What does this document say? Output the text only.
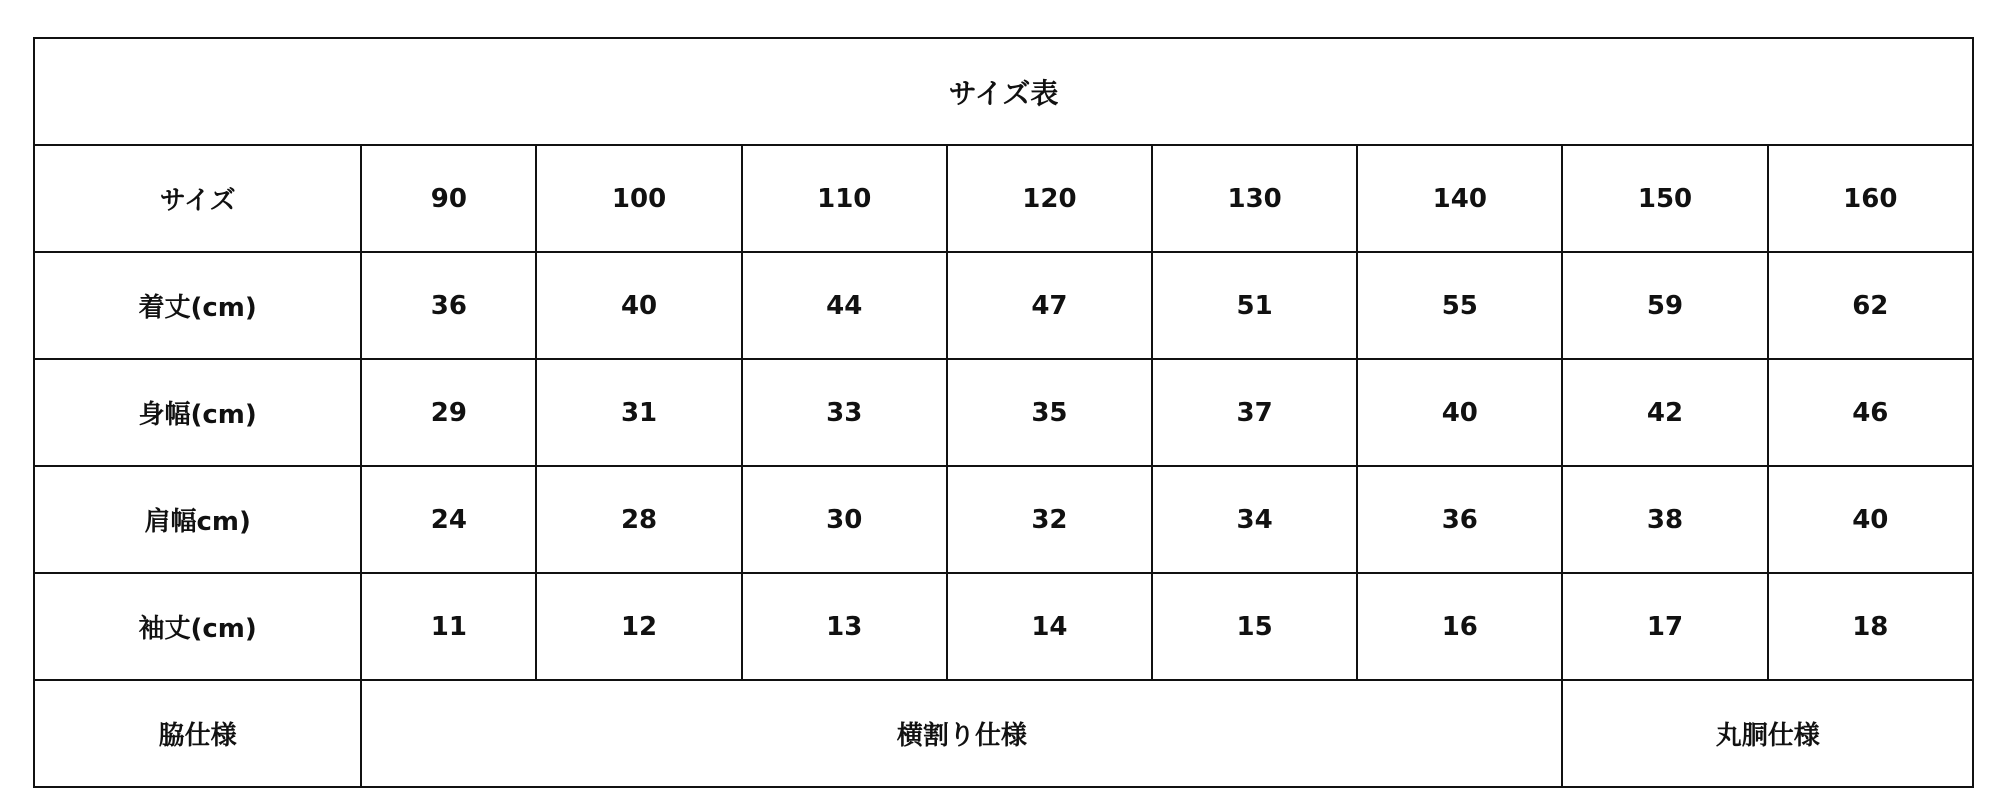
サイズ表								
サイズ	90	100	110	120	130	140	150	160
着丈(cm)	36	40	44	47	51	55	59	62
身幅(cm)	29	31	33	35	37	40	42	46
肩幅cm)	24	28	30	32	34	36	38	40
袖丈(cm)	11	12	13	14	15	16	17	18
脇仕様	横割り仕様						丸胴仕様	
